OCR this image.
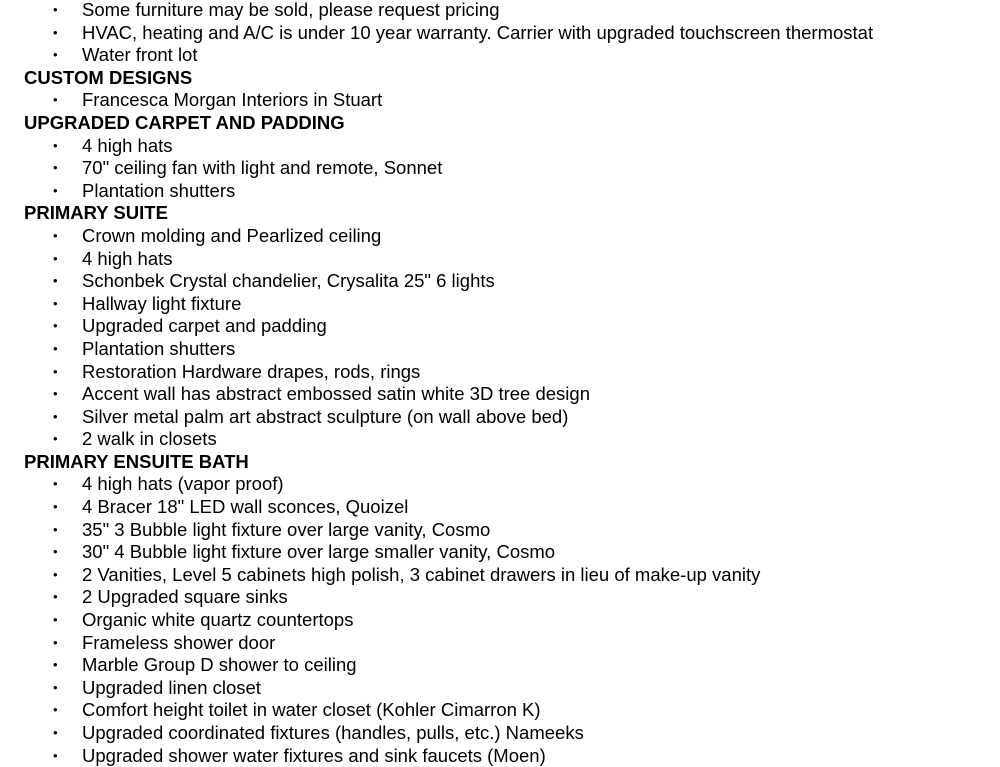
• Some furniture may be sold, please request pricing
• HVAC, heating and A/C is under 10 year warranty. Carrier with upgraded touchscreen thermostat
• Water front lot
CUSTOM DESIGNS
• Francesca Morgan Interiors in Stuart
UPGRADED CARPET AND PADDING
• 4 high hats
• 70" ceiling fan with light and remote, Sonnet
• Plantation shutters
PRIMARY SUITE
• Crown molding and Pearlized ceiling
• 4 high hats
• Schonbek Crystal chandelier, Crysalita 25" 6 lights
• Hallway light fixture
• Upgraded carpet and padding
• Plantation shutters
• Restoration Hardware drapes, rods, rings
• Accent wall has abstract embossed satin white 3D tree design
• Silver metal palm art abstract sculpture (on wall above bed)
• 2 walk in closets
PRIMARY ENSUITE BATH
• 4 high hats (vapor proof)
• 4 Bracer 18" LED wall sconces, Quoizel
• 35" 3 Bubble light fixture over large vanity, Cosmo
• 30" 4 Bubble light fixture over large smaller vanity, Cosmo
• 2 Vanities, Level 5 cabinets high polish, 3 cabinet drawers in lieu of make-up vanity
• 2 Upgraded square sinks
• Organic white quartz countertops
• Frameless shower door
• Marble Group D shower to ceiling
• Upgraded linen closet
• Comfort height toilet in water closet (Kohler Cimarron K)
• Upgraded coordinated fixtures (handles, pulls, etc.) Nameeks
• Upgraded shower water fixtures and sink faucets (Moen)
